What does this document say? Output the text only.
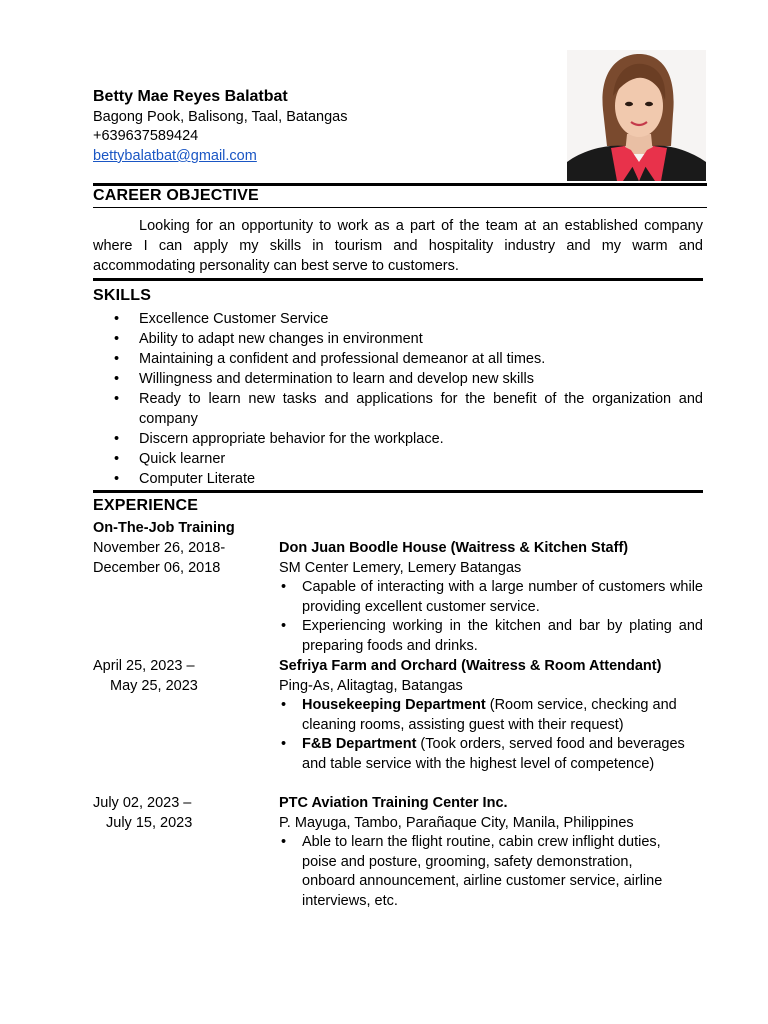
Betty Mae Reyes Balatbat
Bagong Pook, Balisong, Taal, Batangas
+639637589424
bettybalatbat@gmail.com
CAREER OBJECTIVE

Looking for an opportunity to work as a part of the team at an established company where I can apply my skills in tourism and hospitality industry and my warm and accommodating personality can best serve to customers.

SKILLS
• Excellence Customer Service
• Ability to adapt new changes in environment
• Maintaining a confident and professional demeanor at all times.
• Willingness and determination to learn and develop new skills
• Ready to learn new tasks and applications for the benefit of the organization and company
• Discern appropriate behavior for the workplace.
• Quick learner
• Computer Literate
EXPERIENCE
On-The-Job Training
November 26, 2018-
December 06, 2018
Don Juan Boodle House (Waitress & Kitchen Staff)
SM Center Lemery, Lemery Batangas
• Capable of interacting with a large number of customers while providing excellent customer service.
• Experiencing working in the kitchen and bar by plating and preparing foods and drinks.
April 25, 2023 –
May 25, 2023
Sefriya Farm and Orchard (Waitress & Room Attendant)
Ping-As, Alitagtag, Batangas
• Housekeeping Department (Room service, checking and cleaning rooms, assisting guest with their request)
• F&B Department (Took orders, served food and beverages and table service with the highest level of competence)
July 02, 2023 –
July 15, 2023
PTC Aviation Training Center Inc.
P. Mayuga, Tambo, Parañaque City, Manila, Philippines
• Able to learn the flight routine, cabin crew inflight duties, poise and posture, grooming, safety demonstration, onboard announcement, airline customer service, airline interviews, etc.
